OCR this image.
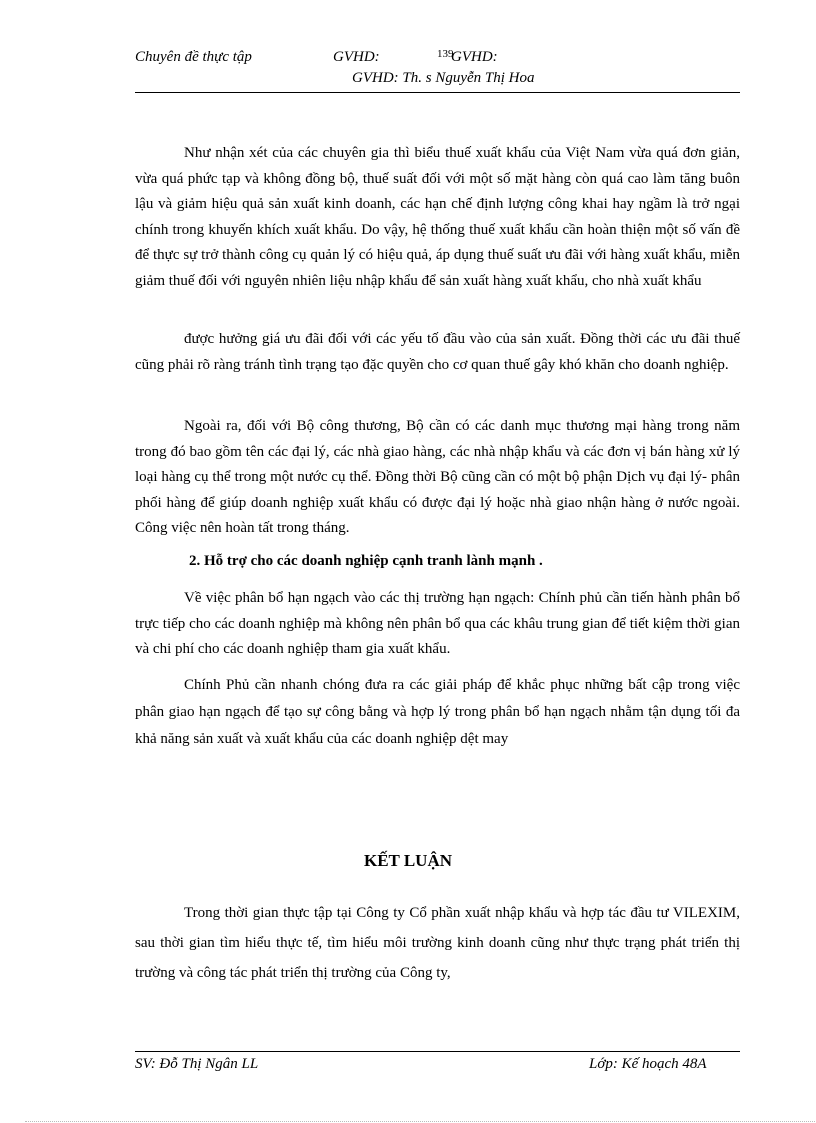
Chuyên đề thực tập	GVHD:	139
GVHD:
GVHD: Th. s Nguyễn Thị Hoa

Như nhận xét của các chuyên gia thì biểu thuế xuất khẩu của Việt Nam vừa quá đơn giản, vừa quá phức tạp và không đồng bộ, thuế suất đối với một số mặt hàng còn quá cao làm tăng buôn lậu và giảm hiệu quả sản xuất kinh doanh, các hạn chế định lượng công khai hay ngầm là trở ngại chính trong khuyến khích xuất khẩu. Do vậy, hệ thống thuế xuất khẩu cần hoàn thiện một số vấn đề để thực sự trở thành công cụ quản lý có hiệu quả, áp dụng thuế suất ưu đãi với hàng xuất khẩu, miễn giảm thuế đối với nguyên nhiên liệu nhập khẩu để sản xuất hàng xuất khẩu, cho nhà xuất khẩu

được hưởng giá ưu đãi đối với các yếu tố đầu vào của sản xuất. Đồng thời các ưu đãi thuế cũng phải rõ ràng tránh tình trạng tạo đặc quyền cho cơ quan thuế gây khó khăn cho doanh nghiệp.

Ngoài ra, đối với Bộ công thương, Bộ cần có các danh mục thương mại hàng trong năm trong đó bao gồm tên các đại lý, các nhà giao hàng, các nhà nhập khẩu và các đơn vị bán hàng xử lý loại hàng cụ thể trong một nước cụ thể. Đồng thời Bộ cũng cần có một bộ phận Dịch vụ đại lý- phân phối hàng để giúp doanh nghiệp xuất khẩu có được đại lý hoặc nhà giao nhận hàng ở nước ngoài. Công việc nên hoàn tất trong tháng.

2. Hỗ trợ cho các doanh nghiệp cạnh tranh lành mạnh .

Về việc phân bổ hạn ngạch vào các thị trường hạn ngạch: Chính phủ cần tiến hành phân bổ trực tiếp cho các doanh nghiệp mà không nên phân bổ qua các khâu trung gian để tiết kiệm thời gian và chi phí cho các doanh nghiệp tham gia xuất khẩu.

Chính Phủ cần nhanh chóng đưa ra các giải pháp để khắc phục những bất cập trong việc phân giao hạn ngạch để tạo sự công bằng và hợp lý trong phân bổ hạn ngạch nhằm tận dụng tối đa khả năng sản xuất và xuất khẩu của các doanh nghiệp dệt may

KẾT LUẬN

Trong thời gian thực tập tại Công ty Cổ phần xuất nhập khẩu và hợp tác đầu tư VILEXIM, sau thời gian tìm hiểu thực tế, tìm hiểu môi trường kinh doanh cũng như thực trạng phát triển thị trường và công tác phát triển thị trường của Công ty,

SV: Đỗ Thị Ngân LL	Lớp: Kế hoạch 48A
